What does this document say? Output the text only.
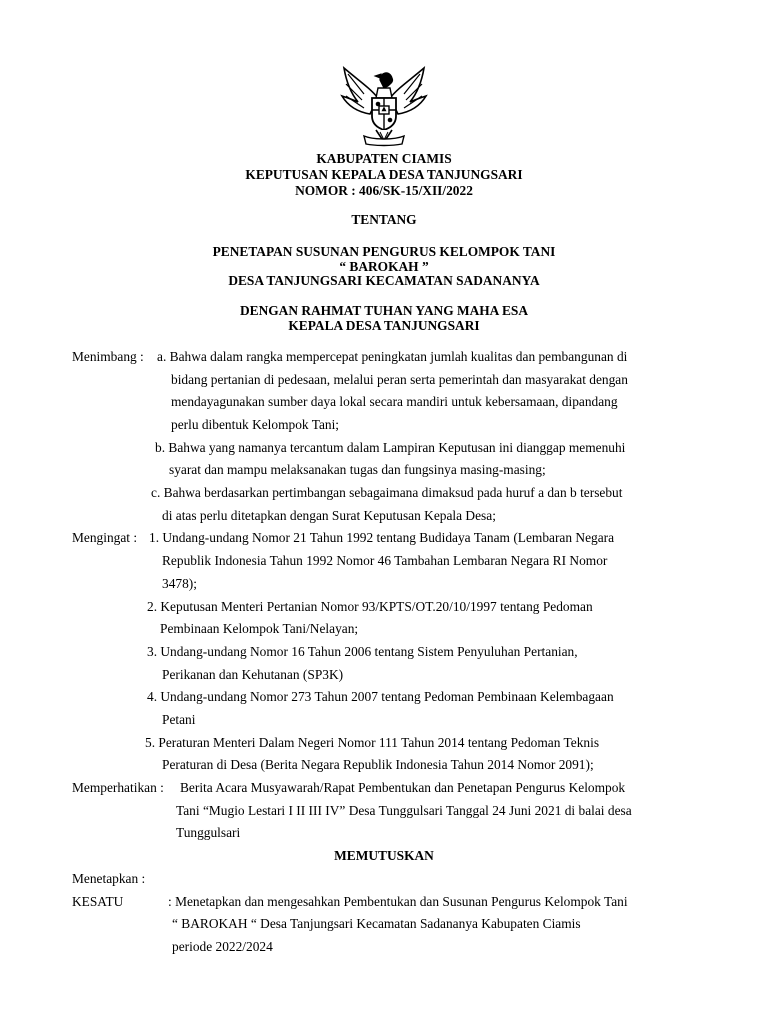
KABUPATEN CIAMIS
KEPUTUSAN KEPALA DESA TANJUNGSARI
NOMOR : 406/SK-15/XII/2022
TENTANG
PENETAPAN SUSUNAN PENGURUS KELOMPOK TANI
“ BAROKAH ”
DESA TANJUNGSARI KECAMATAN SADANANYA
DENGAN RAHMAT TUHAN YANG MAHA ESA
KEPALA DESA TANJUNGSARI
Menimbang : a. Bahwa dalam rangka mempercepat peningkatan jumlah kualitas dan pembangunan di
bidang pertanian di pedesaan, melalui peran serta pemerintah dan masyarakat dengan
mendayagunakan sumber daya lokal secara mandiri untuk kebersamaan, dipandang
perlu dibentuk Kelompok Tani;
b. Bahwa yang namanya tercantum dalam Lampiran Keputusan ini dianggap memenuhi
syarat dan mampu melaksanakan tugas dan fungsinya masing-masing;
c. Bahwa berdasarkan pertimbangan sebagaimana dimaksud pada huruf a dan b tersebut
di atas perlu ditetapkan dengan Surat Keputusan Kepala Desa;
Mengingat : 1. Undang-undang Nomor 21 Tahun 1992 tentang Budidaya Tanam (Lembaran Negara
Republik Indonesia Tahun 1992 Nomor 46 Tambahan Lembaran Negara RI Nomor
3478);
2. Keputusan Menteri Pertanian Nomor 93/KPTS/OT.20/10/1997 tentang Pedoman
Pembinaan Kelompok Tani/Nelayan;
3. Undang-undang Nomor 16 Tahun 2006 tentang Sistem Penyuluhan Pertanian,
Perikanan dan Kehutanan (SP3K)
4. Undang-undang Nomor 273 Tahun 2007 tentang Pedoman Pembinaan Kelembagaan
Petani
5. Peraturan Menteri Dalam Negeri Nomor 111 Tahun 2014 tentang Pedoman Teknis
Peraturan di Desa (Berita Negara Republik Indonesia Tahun 2014 Nomor 2091);
Memperhatikan : Berita Acara Musyawarah/Rapat Pembentukan dan Penetapan Pengurus Kelompok
Tani “Mugio Lestari I II III IV” Desa Tunggulsari Tanggal 24 Juni 2021 di balai desa
Tunggulsari
MEMUTUSKAN
Menetapkan :
KESATU	: Menetapkan dan mengesahkan Pembentukan dan Susunan Pengurus Kelompok Tani
“ BAROKAH “ Desa Tanjungsari Kecamatan Sadananya Kabupaten Ciamis
periode 2022/2024
